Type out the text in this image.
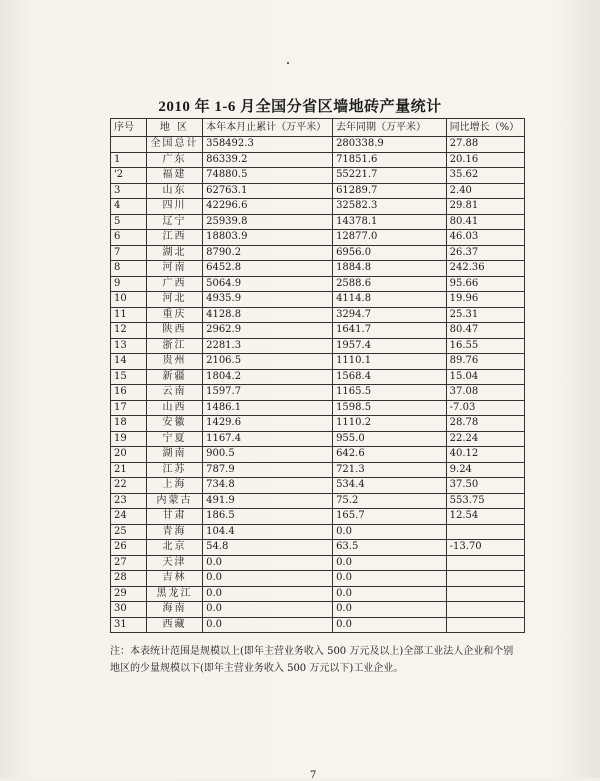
2010 年 1-6 月全国分省区墙地砖产量统计
序号	地 区	本年本月止累计（万平米）	去年同期（万平米）	同比增长（%）
	全国总计	358492.3	280338.9	27.88
1	广东	86339.2	71851.6	20.16
'2	福建	74880.5	55221.7	35.62
3	山东	62763.1	61289.7	2.40
4	四川	42296.6	32582.3	29.81
5	辽宁	25939.8	14378.1	80.41
6	江西	18803.9	12877.0	46.03
7	湖北	8790.2	6956.0	26.37
8	河南	6452.8	1884.8	242.36
9	广西	5064.9	2588.6	95.66
10	河北	4935.9	4114.8	19.96
11	重庆	4128.8	3294.7	25.31
12	陕西	2962.9	1641.7	80.47
13	浙江	2281.3	1957.4	16.55
14	贵州	2106.5	1110.1	89.76
15	新疆	1804.2	1568.4	15.04
16	云南	1597.7	1165.5	37.08
17	山西	1486.1	1598.5	-7.03
18	安徽	1429.6	1110.2	28.78
19	宁夏	1167.4	955.0	22.24
20	湖南	900.5	642.6	40.12
21	江苏	787.9	721.3	9.24
22	上海	734.8	534.4	37.50
23	内蒙古	491.9	75.2	553.75
24	甘肃	186.5	165.7	12.54
25	青海	104.4	0.0	
26	北京	54.8	63.5	-13.70
27	天津	0.0	0.0	
28	吉林	0.0	0.0	
29	黑龙江	0.0	0.0	
30	海南	0.0	0.0	
31	西藏	0.0	0.0	
注：本表统计范围是规模以上(即年主营业务收入 500 万元及以上)全部工业法人企业和个别地区的少量规模以下(即年主营业务收入 500 万元以下)工业企业。
7
